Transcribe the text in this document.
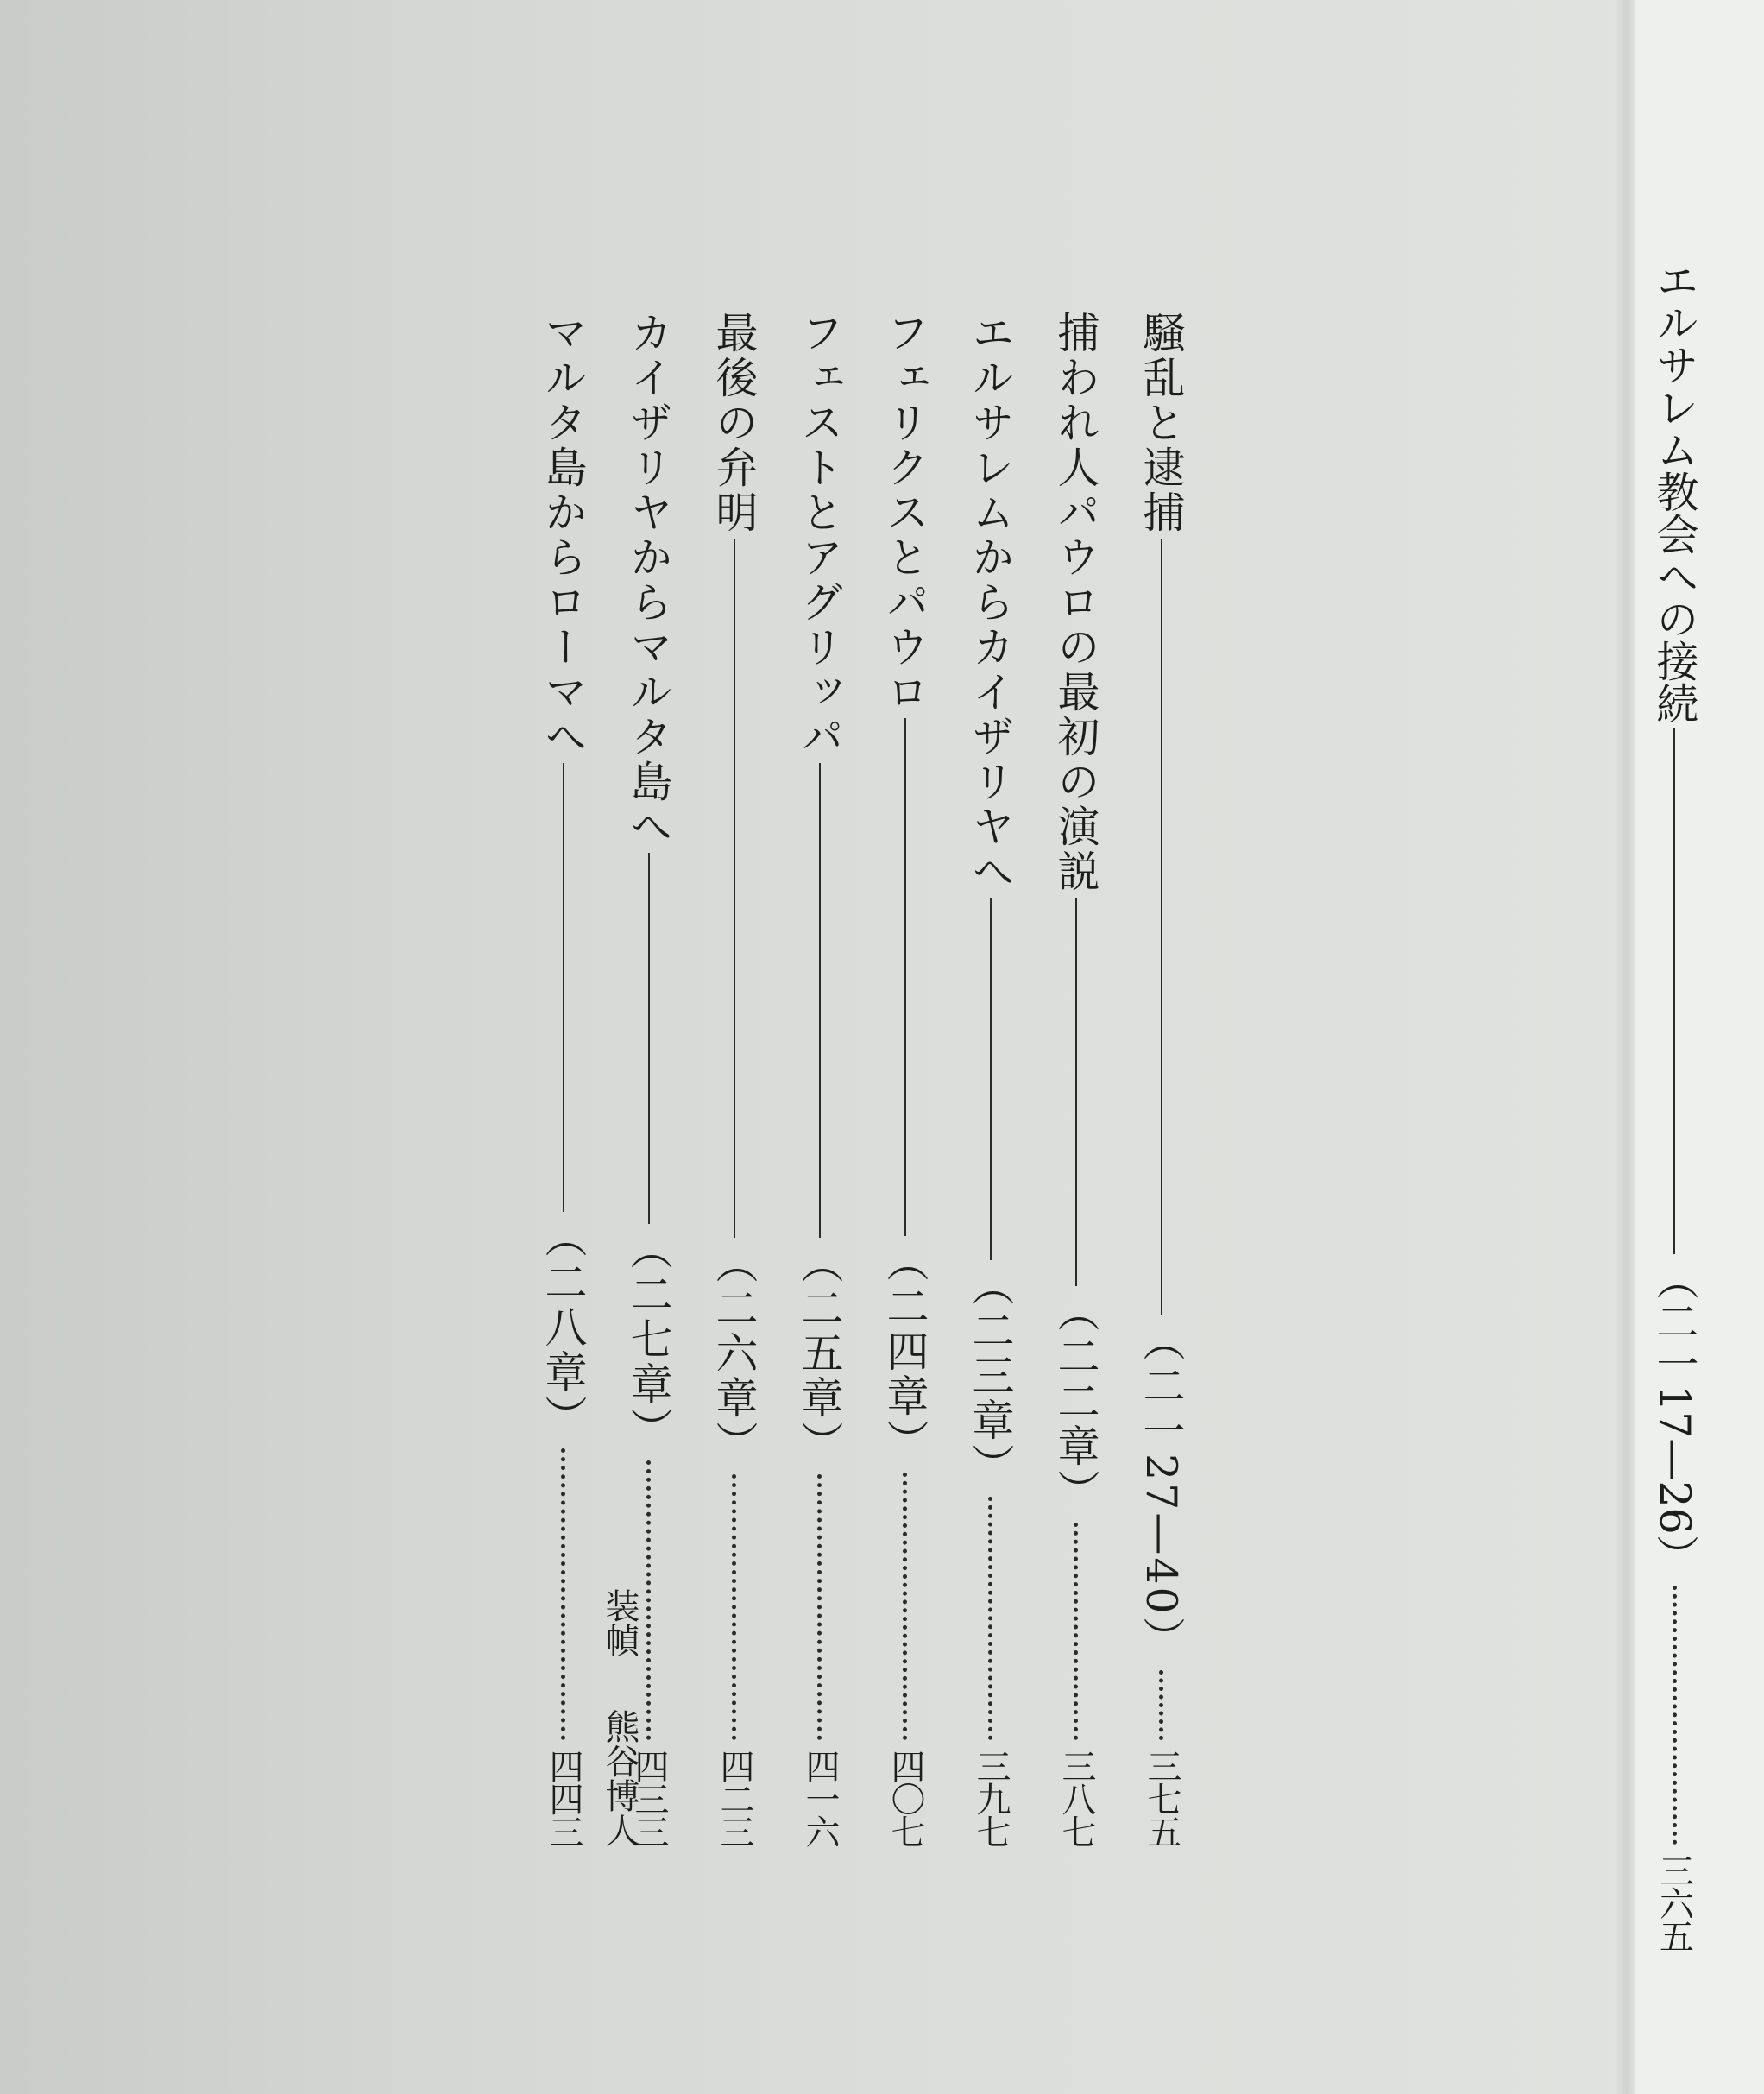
騒乱と逮捕
（二一27—40）
三七五
捕われ人パウロの最初の演説
（二二章）
三八七
エルサレムからカイザリヤへ
（二三章）
三九七
フェリクスとパウロ
（二四章）
四〇七
フェストとアグリッパ
（二五章）
四一六
最後の弁明
（二六章）
四二三
カイザリヤからマルタ島へ
（二七章）
四三三
マルタ島からローマへ
（二八章）
四四三
装幀熊谷博人
エルサレム教会への接続
（二一17—26）
三六五
